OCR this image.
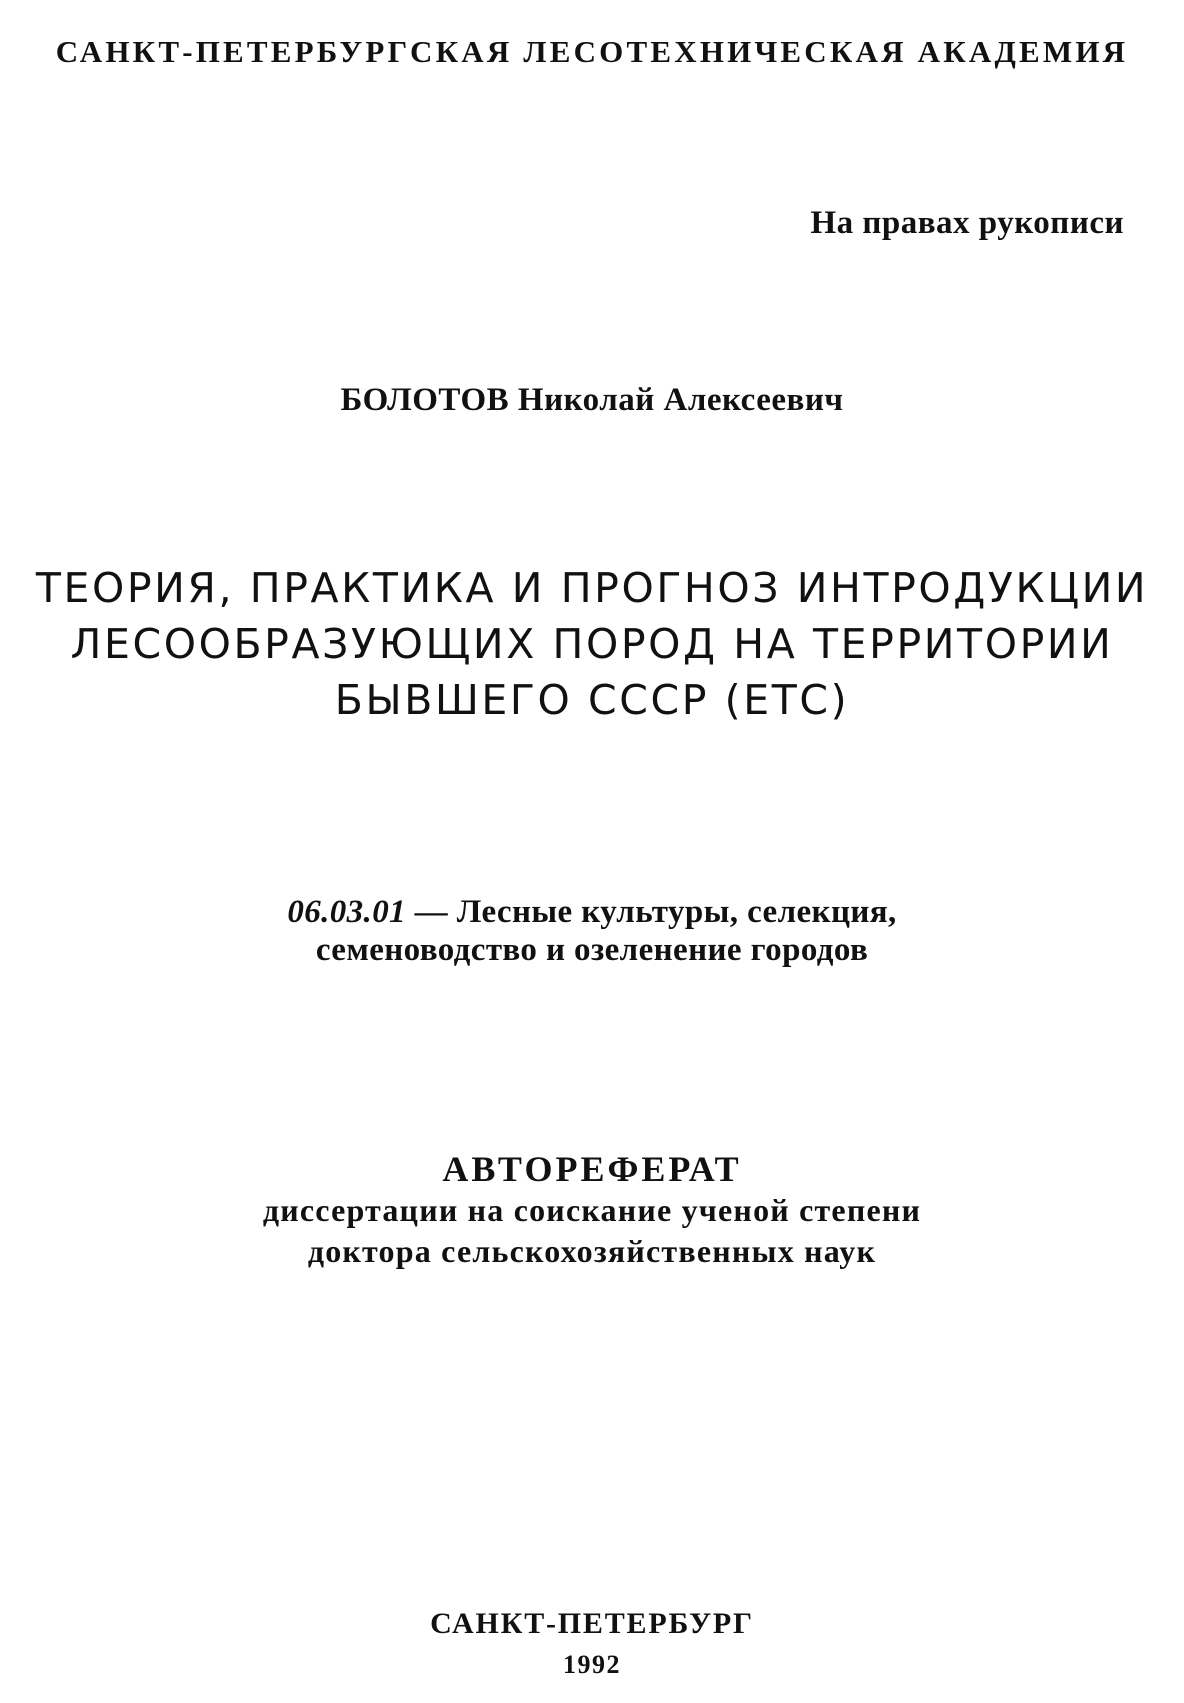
САНКТ-ПЕТЕРБУРГСКАЯ ЛЕСОТЕХНИЧЕСКАЯ АКАДЕМИЯ
На правах рукописи
БОЛОТОВ Николай Алексеевич
ТЕОРИЯ, ПРАКТИКА И ПРОГНОЗ ИНТРОДУКЦИИ
ЛЕСООБРАЗУЮЩИХ ПОРОД НА ТЕРРИТОРИИ
БЫВШЕГО СССР (ЕТС)
06.03.01 — Лесные культуры, селекция,
семеноводство и озеленение городов
АВТОРЕФЕРАТ
диссертации на соискание ученой степени
доктора сельскохозяйственных наук
САНКТ-ПЕТЕРБУРГ
1992
